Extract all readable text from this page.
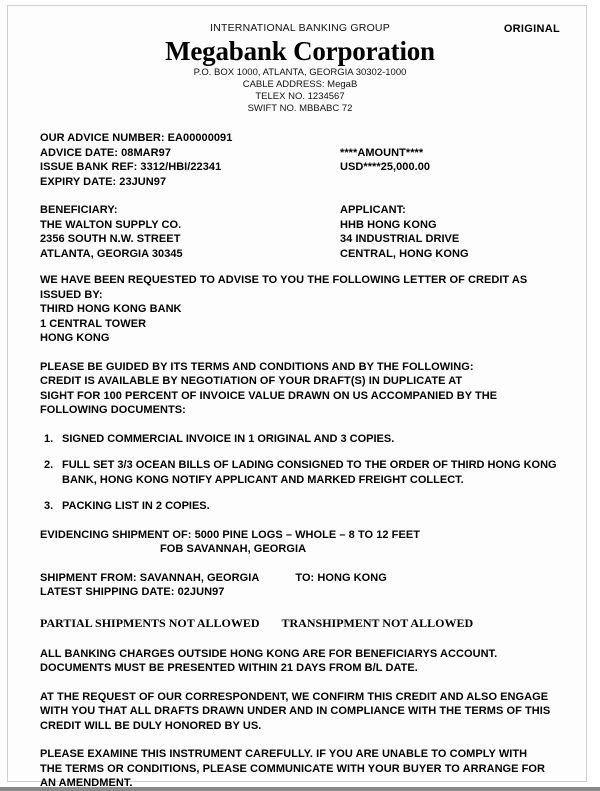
ORIGINAL
INTERNATIONAL BANKING GROUP
Megabank Corporation
P.O. BOX 1000, ATLANTA, GEORGIA 30302-1000
CABLE ADDRESS: MegaB
TELEX NO. 1234567
SWIFT NO. MBBABC 72
OUR ADVICE NUMBER: EA00000091
ADVICE DATE: 08MAR97
ISSUE BANK REF: 3312/HBI/22341
EXPIRY DATE: 23JUN97
****AMOUNT****
USD****25,000.00
BENEFICIARY:
THE WALTON SUPPLY CO.
2356 SOUTH N.W. STREET
ATLANTA, GEORGIA 30345
APPLICANT:
HHB HONG KONG
34 INDUSTRIAL DRIVE
CENTRAL, HONG KONG
WE HAVE BEEN REQUESTED TO ADVISE TO YOU THE FOLLOWING LETTER OF CREDIT AS
ISSUED BY:
THIRD HONG KONG BANK
1 CENTRAL TOWER
HONG KONG
PLEASE BE GUIDED BY ITS TERMS AND CONDITIONS AND BY THE FOLLOWING:
CREDIT IS AVAILABLE BY NEGOTIATION OF YOUR DRAFT(S) IN DUPLICATE AT
SIGHT FOR 100 PERCENT OF INVOICE VALUE DRAWN ON US ACCOMPANIED BY THE
FOLLOWING DOCUMENTS:
1. SIGNED COMMERCIAL INVOICE IN 1 ORIGINAL AND 3 COPIES.
2. FULL SET 3/3 OCEAN BILLS OF LADING CONSIGNED TO THE ORDER OF THIRD HONG KONG
BANK, HONG KONG NOTIFY APPLICANT AND MARKED FREIGHT COLLECT.
3. PACKING LIST IN 2 COPIES.
EVIDENCING SHIPMENT OF: 5000 PINE LOGS – WHOLE – 8 TO 12 FEET
FOB SAVANNAH, GEORGIA
SHIPMENT FROM: SAVANNAH, GEORGIA	TO: HONG KONG
LATEST SHIPPING DATE: 02JUN97
PARTIAL SHIPMENTS NOT ALLOWED TRANSHIPMENT NOT ALLOWED
ALL BANKING CHARGES OUTSIDE HONG KONG ARE FOR BENEFICIARYS ACCOUNT.
DOCUMENTS MUST BE PRESENTED WITHIN 21 DAYS FROM B/L DATE.
AT THE REQUEST OF OUR CORRESPONDENT, WE CONFIRM THIS CREDIT AND ALSO ENGAGE
WITH YOU THAT ALL DRAFTS DRAWN UNDER AND IN COMPLIANCE WITH THE TERMS OF THIS
CREDIT WILL BE DULY HONORED BY US.
PLEASE EXAMINE THIS INSTRUMENT CAREFULLY. IF YOU ARE UNABLE TO COMPLY WITH
THE TERMS OR CONDITIONS, PLEASE COMMUNICATE WITH YOUR BUYER TO ARRANGE FOR
AN AMENDMENT.
